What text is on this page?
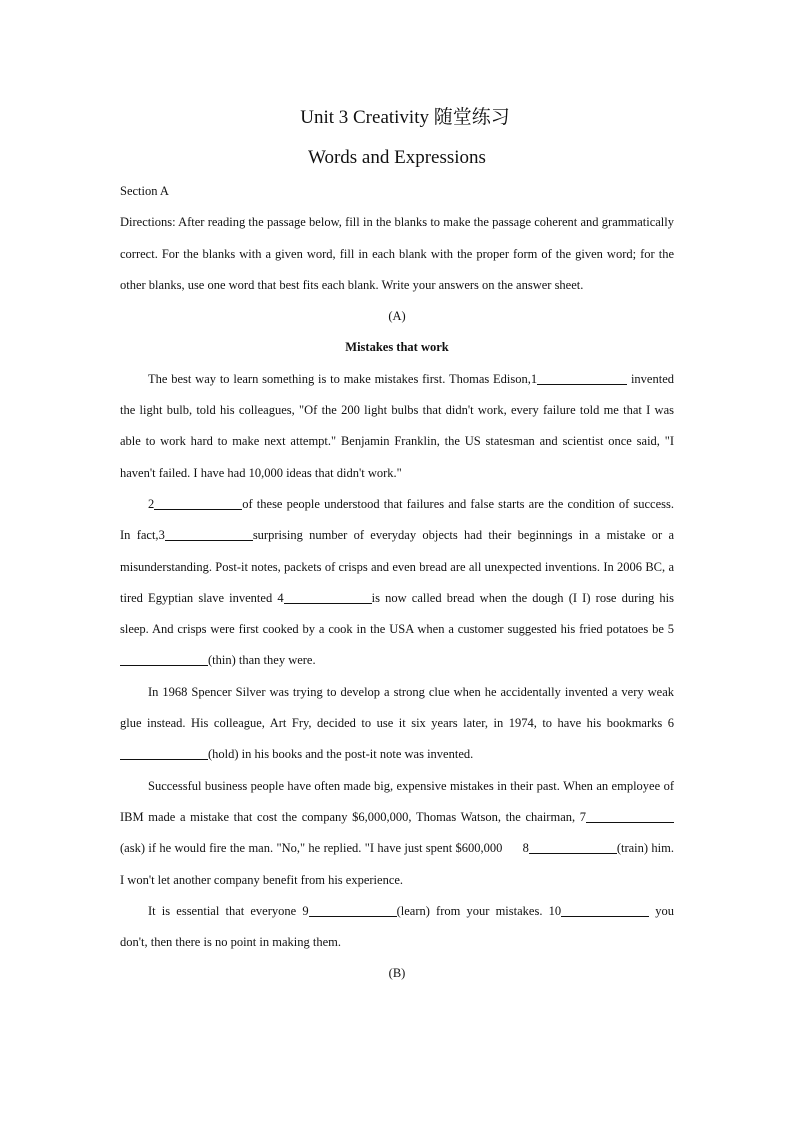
Unit 3 Creativity 随堂练习
Words and Expressions
Section A

Directions: After reading the passage below, fill in the blanks to make the passage coherent and grammatically correct. For the blanks with a given word, fill in each blank with the proper form of the given word; for the other blanks, use one word that best fits each blank. Write your answers on the answer sheet.

(A)
Mistakes that work

The best way to learn something is to make mistakes first. Thomas Edison,1	invented the light bulb, told his colleagues, "Of the 200 light bulbs that didn't work, every failure told me that I was able to work hard to make next attempt." Benjamin Franklin, the US statesman and scientist once said, "I haven't failed. I have had 10,000 ideas that didn't work."

2	of these people understood that failures and false starts are the condition of success. In fact,3	surprising number of everyday objects had their beginnings in a mistake or a misunderstanding. Post-it notes, packets of crisps and even bread are all unexpected inventions. In 2006 BC, a tired Egyptian slave invented 4	is now called bread when the dough (I I) rose during his sleep. And crisps were first cooked by a cook in the USA when a customer suggested his fried potatoes be 5(thin) than they were.

In 1968 Spencer Silver was trying to develop a strong clue when he accidentally invented a very weak glue instead. His colleague, Art Fry, decided to use it six years later, in 1974, to have his bookmarks 6 (hold) in his books and the post-it note was invented.

Successful business people have often made big, expensive mistakes in their past. When an employee of IBM made a mistake that cost the company $6,000,000, Thomas Watson, the chairman, 7(ask) if he would fire the man. "No," he replied. "I have just spent $600,000      8	(train) him. I won't let another company benefit from his experience.

It is essential that everyone 9	(learn) from your mistakes. 10	you don't, then there is no point in making them.

(B)
